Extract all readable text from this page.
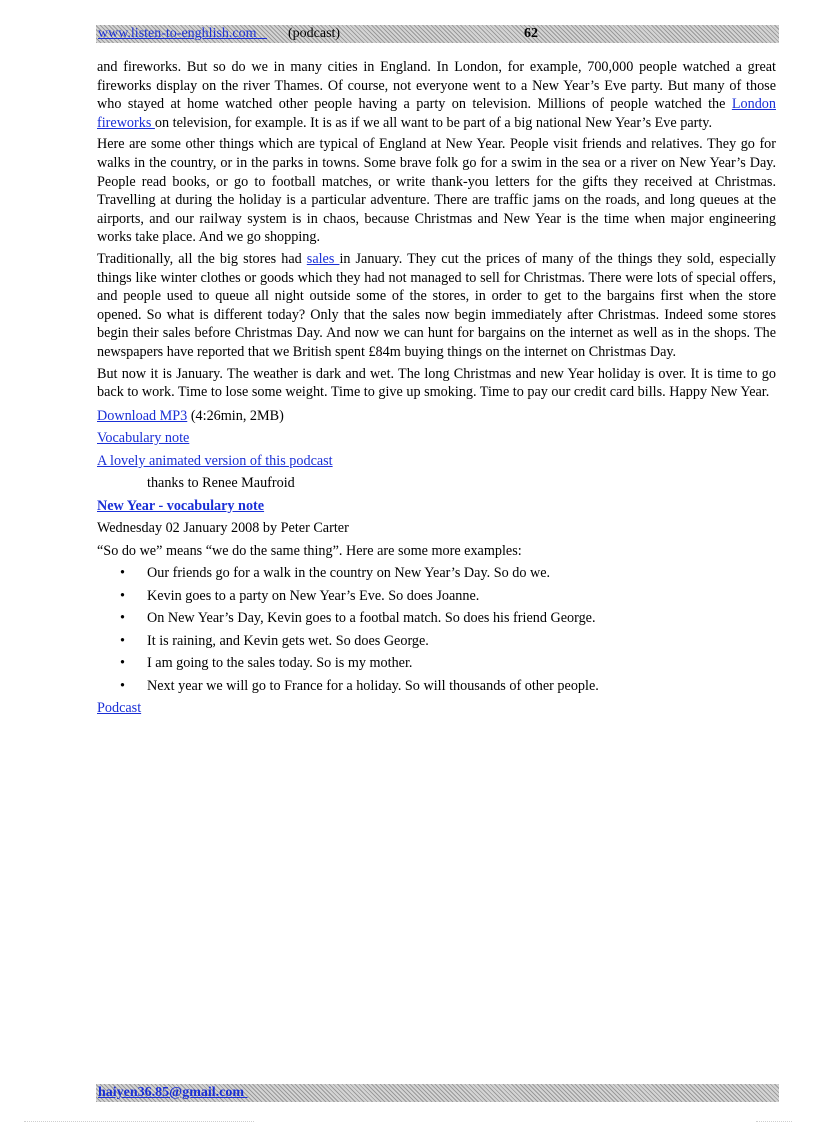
www.listen-to-enghlish.com (podcast)	62

and fireworks. But so do we in many cities in England. In London, for example, 700,000 people watched a great fireworks display on the river Thames. Of course, not everyone went to a New Year’s Eve party. But many of those who stayed at home watched other people having a party on television. Millions of people watched the London fireworks on television, for example. It is as if we all want to be part of a big national New Year’s Eve party.

Here are some other things which are typical of England at New Year. People visit friends and relatives. They go for walks in the country, or in the parks in towns. Some brave folk go for a swim in the sea or a river on New Year’s Day. People read books, or go to football matches, or write thank-you letters for the gifts they received at Christmas. Travelling at during the holiday is a particular adventure. There are traffic jams on the roads, and long queues at the airports, and our railway system is in chaos, because Christmas and New Year is the time when major engineering works take place. And we go shopping.

Traditionally, all the big stores had sales in January. They cut the prices of many of the things they sold, especially things like winter clothes or goods which they had not managed to sell for Christmas. There were lots of special offers, and people used to queue all night outside some of the stores, in order to get to the bargains first when the store opened. So what is different today? Only that the sales now begin immediately after Christmas. Indeed some stores begin their sales before Christmas Day. And now we can hunt for bargains on the internet as well as in the shops. The newspapers have reported that we British spent £84m buying things on the internet on Christmas Day.

But now it is January. The weather is dark and wet. The long Christmas and new Year holiday is over. It is time to go back to work. Time to lose some weight. Time to give up smoking. Time to pay our credit card bills. Happy New Year.

Download MP3 (4:26min, 2MB)
Vocabulary note
A lovely animated version of this podcast
thanks to Renee Maufroid
New Year - vocabulary note
Wednesday 02 January 2008 by Peter Carter
“So do we” means “we do the same thing”. Here are some more examples:
• Our friends go for a walk in the country on New Year’s Day. So do we.
• Kevin goes to a party on New Year’s Eve. So does Joanne.
• On New Year’s Day, Kevin goes to a footbal match. So does his friend George.
• It is raining, and Kevin gets wet. So does George.
• I am going to the sales today. So is my mother.
• Next year we will go to France for a holiday. So will thousands of other people.
Podcast
haiyen36.85@gmail.com
